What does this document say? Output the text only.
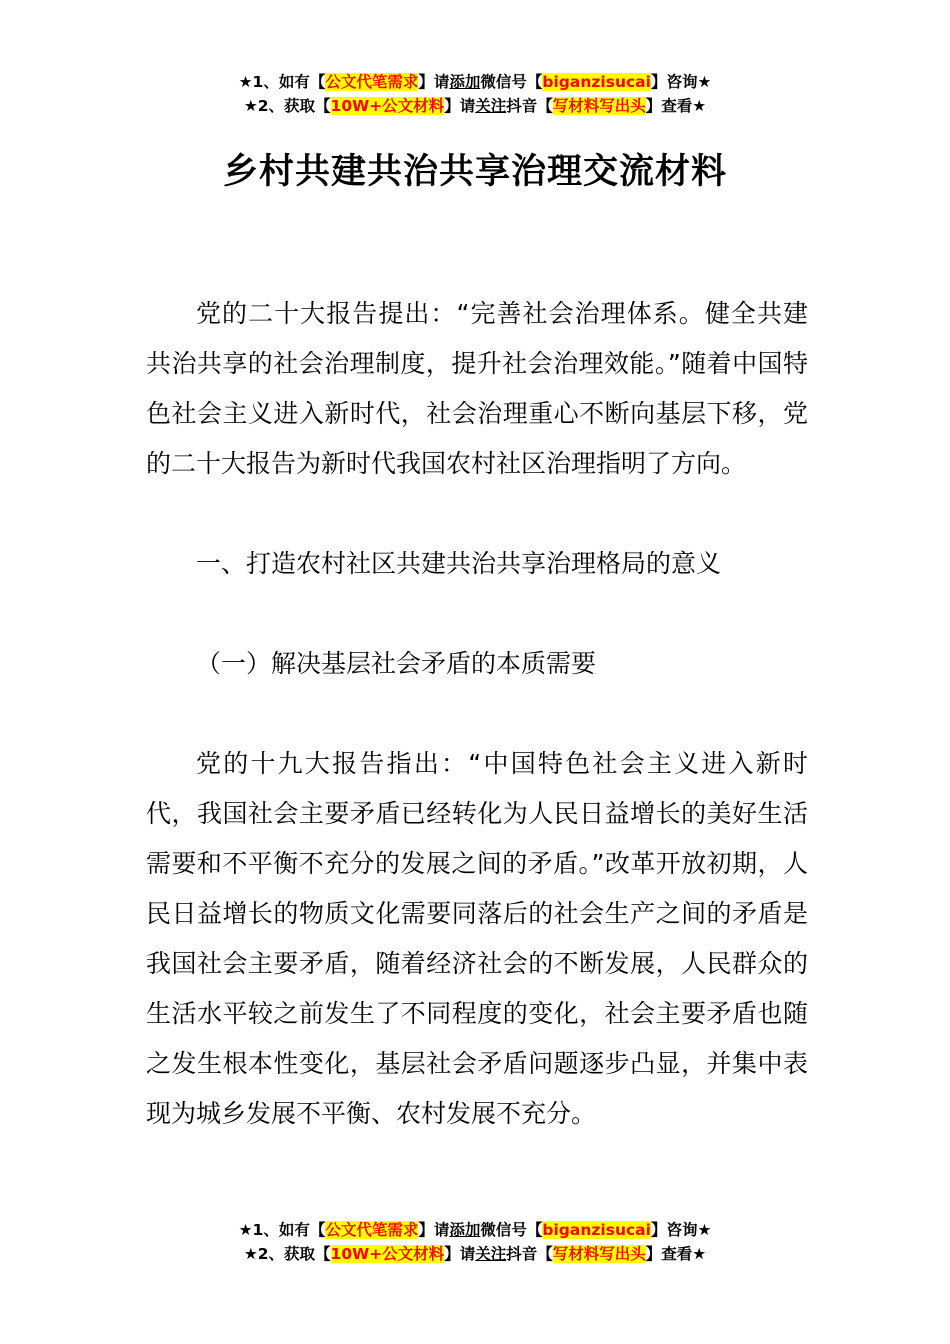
★1、如有【公文代笔需求】请添加微信号【biganzisucai】咨询★
★2、获取【10W+公文材料】请关注抖音【写材料写出头】查看★
乡村共建共治共享治理交流材料

党的二十大报告提出：“完善社会治理体系。健全共建共治共享的社会治理制度，提升社会治理效能。”随着中国特色社会主义进入新时代，社会治理重心不断向基层下移，党的二十大报告为新时代我国农村社区治理指明了方向。

一、打造农村社区共建共治共享治理格局的意义

（一）解决基层社会矛盾的本质需要

党的十九大报告指出：“中国特色社会主义进入新时代，我国社会主要矛盾已经转化为人民日益增长的美好生活需要和不平衡不充分的发展之间的矛盾。”改革开放初期，人民日益增长的物质文化需要同落后的社会生产之间的矛盾是我国社会主要矛盾，随着经济社会的不断发展，人民群众的生活水平较之前发生了不同程度的变化，社会主要矛盾也随之发生根本性变化，基层社会矛盾问题逐步凸显，并集中表现为城乡发展不平衡、农村发展不充分。

★1、如有【公文代笔需求】请添加微信号【biganzisucai】咨询★
★2、获取【10W+公文材料】请关注抖音【写材料写出头】查看★
